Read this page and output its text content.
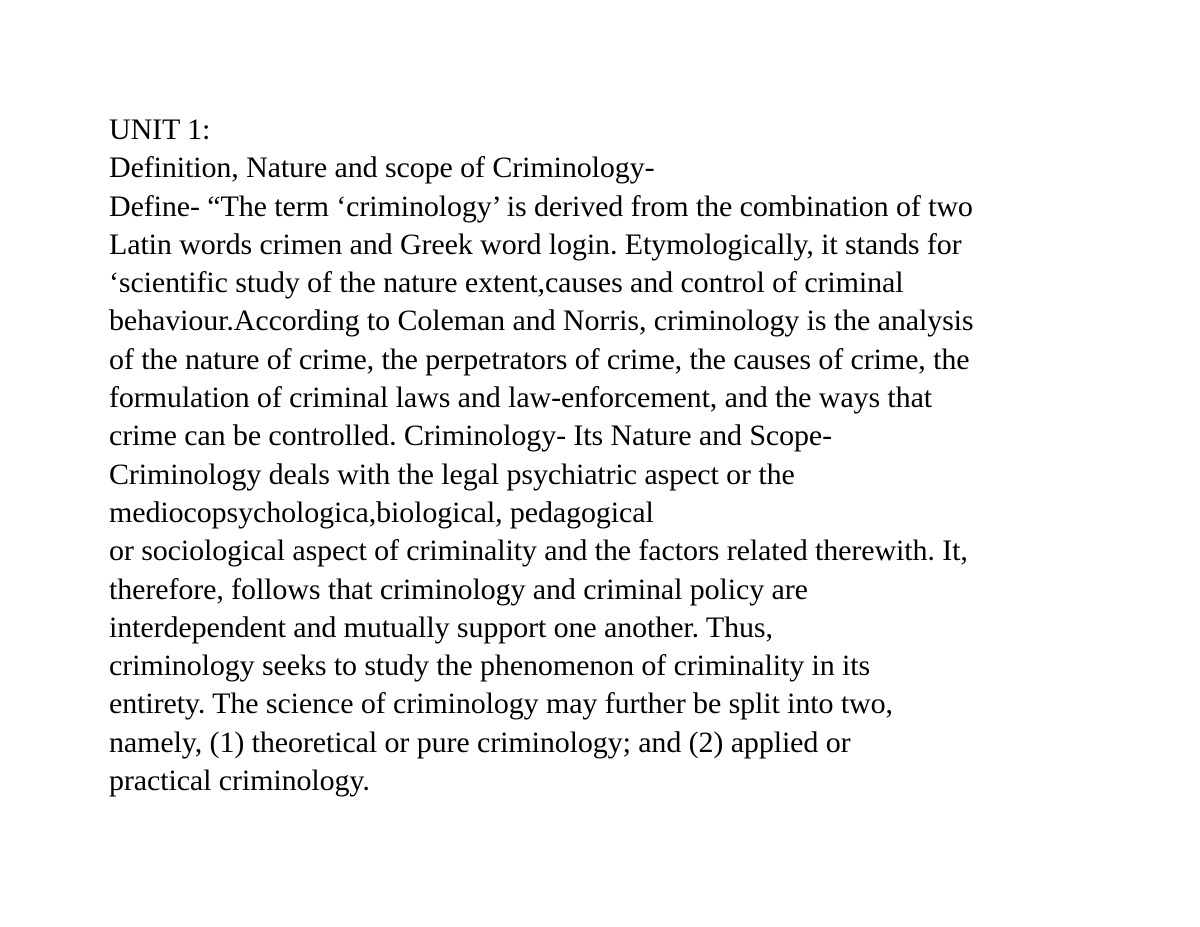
UNIT 1:
Definition, Nature and scope of Criminology-
Define- “The term ‘criminology’ is derived from the combination of two
Latin words crimen and Greek word login. Etymologically, it stands for
‘scientific study of the nature extent,causes and control of criminal
behaviour.According to Coleman and Norris, criminology is the analysis
of the nature of crime, the perpetrators of crime, the causes of crime, the
formulation of criminal laws and law-enforcement, and the ways that
crime can be controlled. Criminology- Its Nature and Scope-
Criminology deals with the legal psychiatric aspect or the
mediocopsychologica,biological, pedagogical
or sociological aspect of criminality and the factors related therewith. It,
therefore, follows that criminology and criminal policy are
interdependent and mutually support one another. Thus,
criminology seeks to study the phenomenon of criminality in its
entirety. The science of criminology may further be split into two,
namely, (1) theoretical or pure criminology; and (2) applied or
practical criminology.
